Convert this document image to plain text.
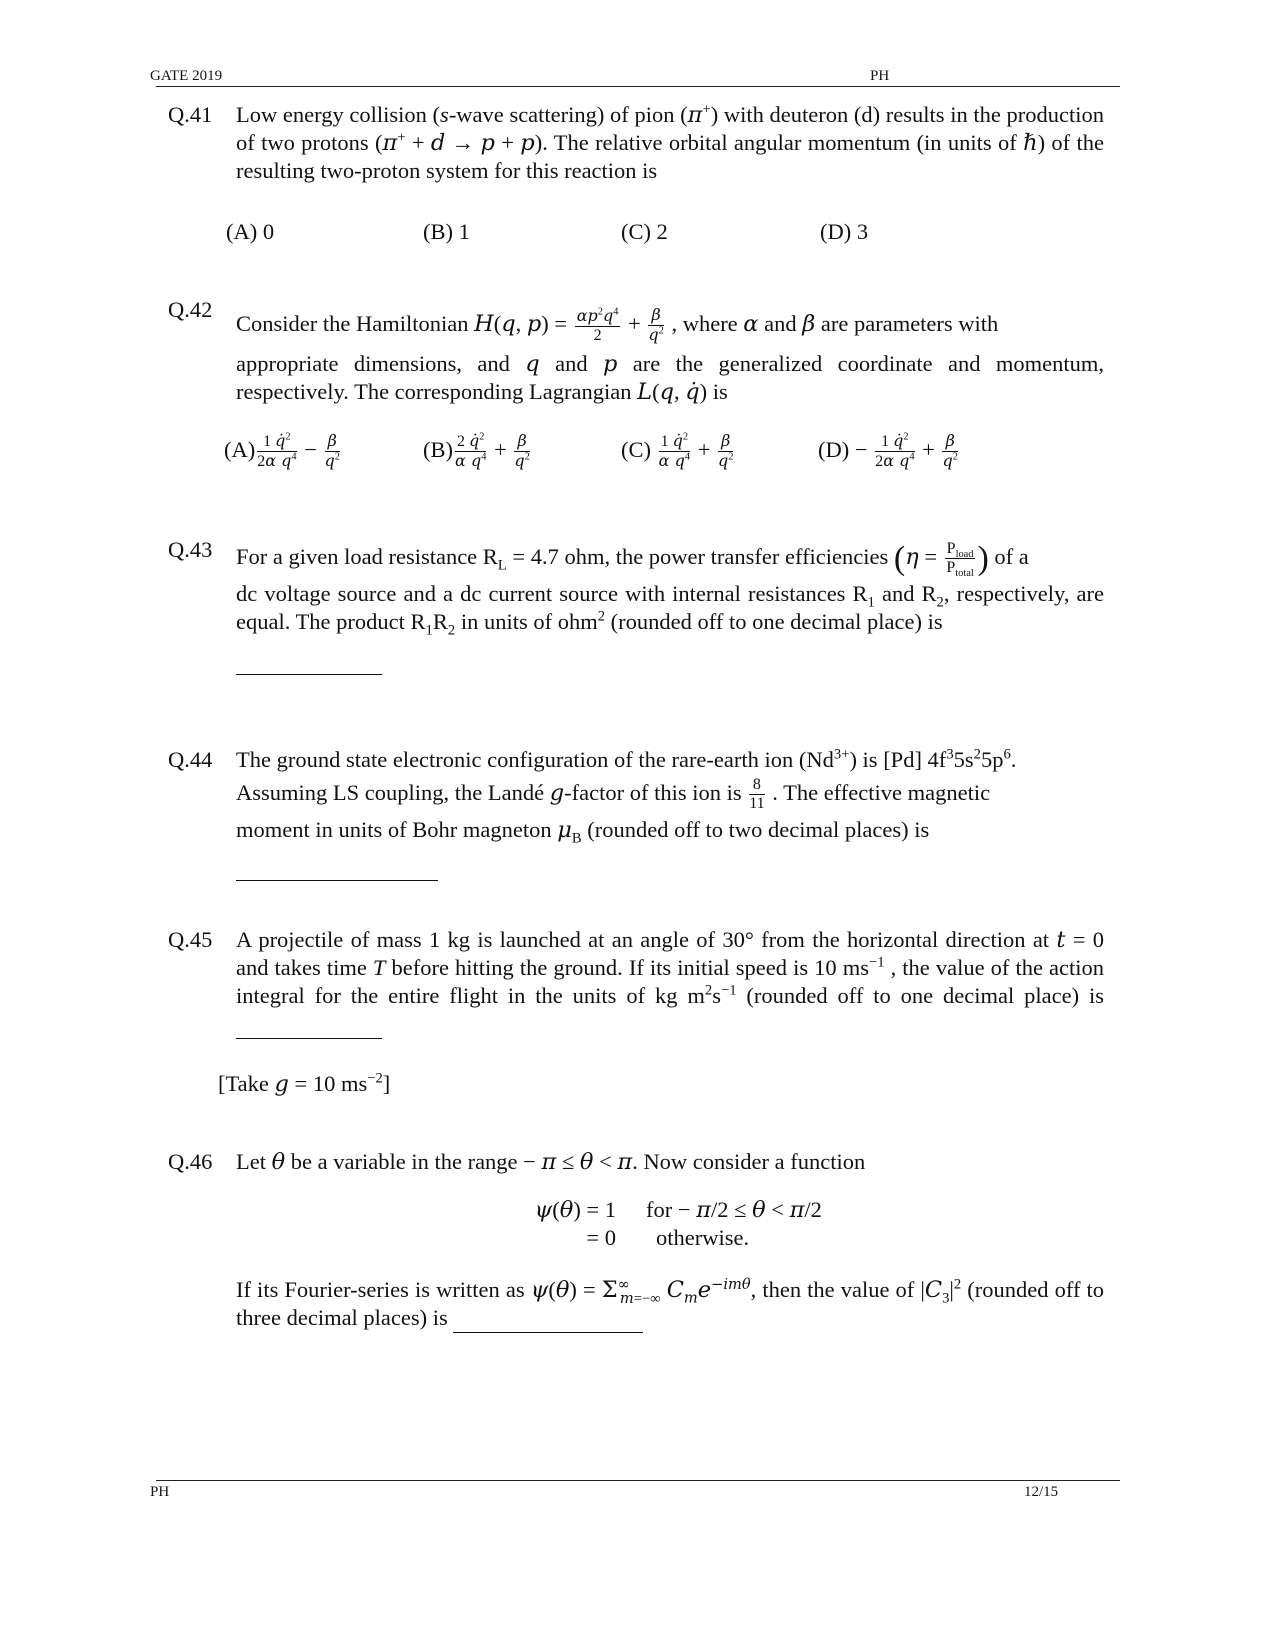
GATE 2019	PH
Q.41 Low energy collision (s-wave scattering) of pion (π+) with deuteron (d) results in the production of two protons (π+ + d → p + p). The relative orbital angular momentum (in units of ℏ) of the resulting two-proton system for this reaction is

(A) 0	(B) 1	(C) 2	(D) 3
Q.42

Consider the Hamiltonian H(q, $p) = \frac{\alpha p^2q^4}{2} + \frac{\beta}{q^2}$ , where α and β are parameters with

appropriate dimensions, and q and p are the generalized coordinate and momentum, respectively. The corresponding Lagrangian L(q, q̇) is

$(A) \frac{1 q̇^2}{2\alpha q^4} - \frac{\beta}{q^2}$	$(B) \frac{2 q̇^2}{\alpha q^4} + \frac{\beta}{q^2}$	$(C) \frac{1 q̇^2}{\alpha q^4} + \frac{\beta}{q^2}$	$(D) - \frac{1 q̇^2}{2\alpha q^4} + \frac{\beta}{q^2}$
Q.43 For a given load resistance $R_L = 4.7$ ohm, the power transfer efficiencies ($\eta = \frac{P_{load}}{P_{total}}$ ) of a

dc voltage source and a dc current source with internal resistances $R_1$ and $R_2$, respectively, are equal. The product $R_1R_2$ in units of ohm$^2$ (rounded off to one decimal place) is

Q.44 The ground state electronic configuration of the rare-earth ion $(Nd^{3+})$ is [Pd] $4f^35s^25p^6$.

Assuming LS coupling, the Landé g-factor of this ion is $\frac{8}{11}$ . The effective magnetic

moment in units of Bohr magneton $\mu_B$ (rounded off to two decimal places) is

Q.45 A projectile of mass 1 kg is launched at an angle of 30° from the horizontal direction at t = 0 and takes time T before hitting the ground. If its initial speed is 10 $ms^{-1}$ , the value of the action integral for the entire flight in the units of kg $m^2s^{-1}$ (rounded off to one decimal place) is

[Take g = 10 $ms^{-2}$]
Q.46 Let θ be a variable in the range − π ≤ θ < π. Now consider a function

ψ(θ) = 1	for − π/2 ≤ θ < π/2
= 0	otherwise.

If its Fourier-series is written as $\psi(\theta) = \Sigma^\infty_{m=-\infty}$ $C_me^{-im\theta}$, then the value of $|C_3|^2$ (rounded off to three decimal places) is

PH	12/15
